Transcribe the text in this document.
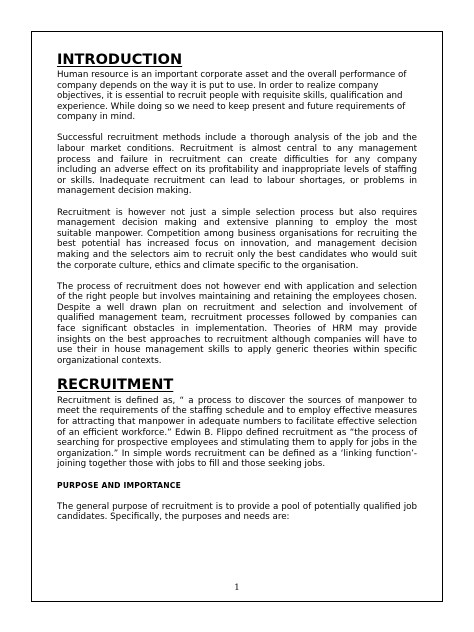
INTRODUCTION

Human resource is an important corporate asset and the overall performance of company depends on the way it is put to use. In order to realize company objectives, it is essential to recruit people with requisite skills, qualification and experience. While doing so we need to keep present and future requirements of company in mind.

Successful recruitment methods include a thorough analysis of the job and the labour market conditions. Recruitment is almost central to any management process and failure in recruitment can create difficulties for any company including an adverse effect on its profitability and inappropriate levels of staffing or skills. Inadequate recruitment can lead to labour shortages, or problems in management decision making.

Recruitment is however not just a simple selection process but also requires management decision making and extensive planning to employ the most suitable manpower. Competition among business organisations for recruiting the best potential has increased focus on innovation, and management decision making and the selectors aim to recruit only the best candidates who would suit the corporate culture, ethics and climate specific to the organisation.

The process of recruitment does not however end with application and selection of the right people but involves maintaining and retaining the employees chosen. Despite a well drawn plan on recruitment and selection and involvement of qualified management team, recruitment processes followed by companies can face significant obstacles in implementation. Theories of HRM may provide insights on the best approaches to recruitment although companies will have to use their in house management skills to apply generic theories within specific organizational contexts.

RECRUITMENT

Recruitment is defined as, “ a process to discover the sources of manpower to meet the requirements of the staffing schedule and to employ effective measures for attracting that manpower in adequate numbers to facilitate effective selection of an efficient workforce.” Edwin B. Flippo defined recruitment as “the process of searching for prospective employees and stimulating them to apply for jobs in the organization.” In simple words recruitment can be defined as a ‘linking function’-joining together those with jobs to fill and those seeking jobs.

PURPOSE AND IMPORTANCE

The general purpose of recruitment is to provide a pool of potentially qualified job candidates. Specifically, the purposes and needs are:

1
